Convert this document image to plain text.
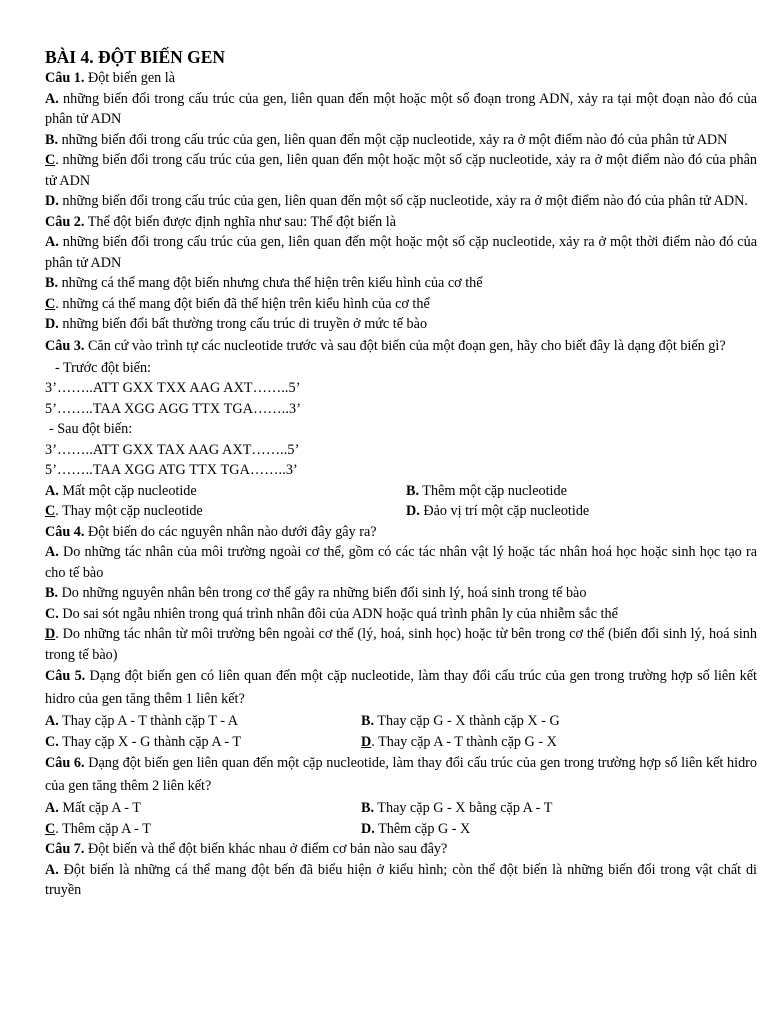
BÀI 4. ĐỘT BIẾN GEN
Câu 1. Đột biến gen là
A. những biến đổi trong cấu trúc của gen, liên quan đến một hoặc một số đoạn trong ADN, xảy ra tại một đoạn nào đó của phân tử ADN
B. những biến đổi trong cấu trúc của gen, liên quan đến một cặp nucleotide, xảy ra ở một điểm nào đó của phân tử ADN
C. những biến đổi trong cấu trúc của gen, liên quan đến một hoặc một số cặp nucleotide, xảy ra ở một điểm nào đó của phân tử ADN
D. những biến đổi trong cấu trúc của gen, liên quan đến một số cặp nucleotide, xảy ra ở một điểm nào đó của phân tử ADN.
Câu 2. Thể đột biến được định nghĩa như sau: Thể đột biến là
A. những biến đổi trong cấu trúc của gen, liên quan đến một hoặc một số cặp nucleotide, xảy ra ở một thời điểm nào đó của phân tử ADN
B. những cá thể mang đột biến nhưng chưa thể hiện trên kiểu hình của cơ thể
C. những cá thể mang đột biến đã thể hiện trên kiểu hình của cơ thể
D. những biến đổi bất thường trong cấu trúc di truyền ở mức tế bào
Câu 3. Căn cứ vào trình tự các nucleotide trước và sau đột biến của một đoạn gen, hãy cho biết đây là dạng đột biến gì?
- Trước đột biến:
3’……..ATT GXX TXX AAG AXT……..5’
5’……..TAA XGG AGG TTX TGA……..3’
- Sau đột biến:
3’……..ATT GXX TAX AAG AXT……..5’
5’……..TAA XGG ATG TTX TGA……..3’
A. Mất một cặp nucleotide	B. Thêm một cặp nucleotide
C. Thay một cặp nucleotide	D. Đảo vị trí một cặp nucleotide
Câu 4. Đột biến do các nguyên nhân nào dưới đây gây ra?
A. Do những tác nhân của môi trường ngoài cơ thể, gồm có các tác nhân vật lý hoặc tác nhân hoá học hoặc sinh học tạo ra cho tế bào
B. Do những nguyên nhân bên trong cơ thể gây ra những biến đổi sinh lý, hoá sinh trong tế bào
C. Do sai sót ngẫu nhiên trong quá trình nhân đôi của ADN hoặc quá trình phân ly của nhiễm sắc thể
D. Do những tác nhân từ môi trường bên ngoài cơ thể (lý, hoá, sinh học) hoặc từ bên trong cơ thể (biến đổi sinh lý, hoá sinh trong tế bào)
Câu 5. Dạng đột biến gen có liên quan đến một cặp nucleotide, làm thay đổi cấu trúc của gen trong trường hợp số liên kết hidro của gen tăng thêm 1 liên kết?
A. Thay cặp A - T thành cặp T - A	B. Thay cặp G - X thành cặp X - G
C. Thay cặp X - G thành cặp A - T	D. Thay cặp A - T thành cặp G - X
Câu 6. Dạng đột biến gen liên quan đến một cặp nucleotide, làm thay đổi cấu trúc của gen trong trường hợp số liên kết hidro của gen tăng thêm 2 liên kết?
A. Mất cặp A - T	B. Thay cặp G - X bằng cặp A - T
C. Thêm cặp A - T	D. Thêm cặp G - X
Câu 7. Đột biến và thể đột biến khác nhau ở điểm cơ bản nào sau đây?
A. Đột biến là những cá thể mang đột bến đã biểu hiện ở kiểu hình; còn thể đột biến là những biến đổi trong vật chất di truyền
